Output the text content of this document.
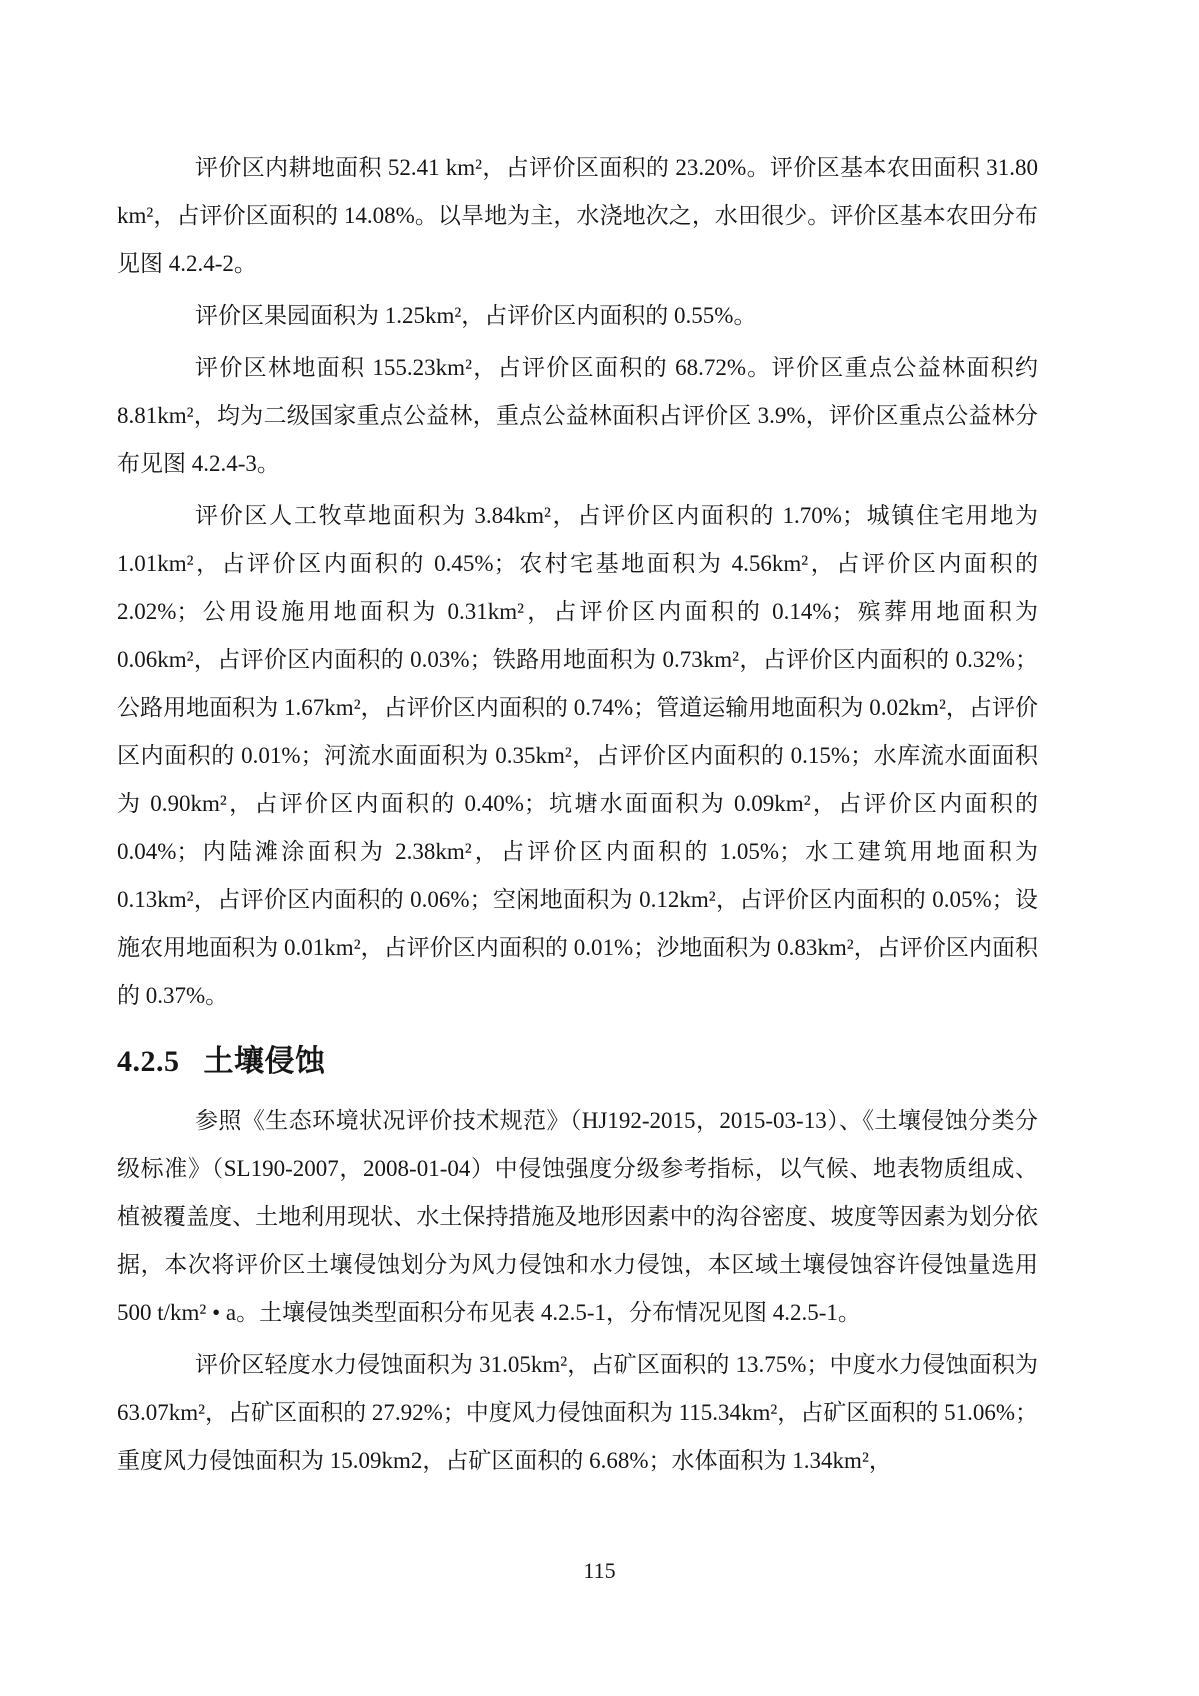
评价区内耕地面积 52.41 km²，占评价区面积的 23.20%。评价区基本农田面积 31.80 km²，占评价区面积的 14.08%。以旱地为主，水浇地次之，水田很少。评价区基本农田分布见图 4.2.4-2。

评价区果园面积为 1.25km²，占评价区内面积的 0.55%。

评价区林地面积 155.23km²，占评价区面积的 68.72%。评价区重点公益林面积约 8.81km²，均为二级国家重点公益林，重点公益林面积占评价区 3.9%，评价区重点公益林分布见图 4.2.4-3。

评价区人工牧草地面积为 3.84km²，占评价区内面积的 1.70%；城镇住宅用地为 1.01km²，占评价区内面积的 0.45%；农村宅基地面积为 4.56km²，占评价区内面积的 2.02%；公用设施用地面积为 0.31km²，占评价区内面积的 0.14%；殡葬用地面积为 0.06km²，占评价区内面积的 0.03%；铁路用地面积为 0.73km²，占评价区内面积的 0.32%；公路用地面积为 1.67km²，占评价区内面积的 0.74%；管道运输用地面积为 0.02km²，占评价区内面积的 0.01%；河流水面面积为 0.35km²，占评价区内面积的 0.15%；水库流水面面积为 0.90km²，占评价区内面积的 0.40%；坑塘水面面积为 0.09km²，占评价区内面积的 0.04%；内陆滩涂面积为 2.38km²，占评价区内面积的 1.05%；水工建筑用地面积为 0.13km²，占评价区内面积的 0.06%；空闲地面积为 0.12km²，占评价区内面积的 0.05%；设施农用地面积为 0.01km²，占评价区内面积的 0.01%；沙地面积为 0.83km²，占评价区内面积的 0.37%。

4.2.5 土壤侵蚀

参照《生态环境状况评价技术规范》（HJ192-2015，2015-03-13）、《土壤侵蚀分类分级标准》（SL190-2007，2008-01-04）中侵蚀强度分级参考指标，以气候、地表物质组成、植被覆盖度、土地利用现状、水土保持措施及地形因素中的沟谷密度、坡度等因素为划分依据，本次将评价区土壤侵蚀划分为风力侵蚀和水力侵蚀，本区域土壤侵蚀容许侵蚀量选用 500 t/km² • a。土壤侵蚀类型面积分布见表 4.2.5-1，分布情况见图 4.2.5-1。

评价区轻度水力侵蚀面积为 31.05km²，占矿区面积的 13.75%；中度水力侵蚀面积为 63.07km²，占矿区面积的 27.92%；中度风力侵蚀面积为 115.34km²，占矿区面积的 51.06%；重度风力侵蚀面积为 15.09km2，占矿区面积的 6.68%；水体面积为 1.34km²，

115
